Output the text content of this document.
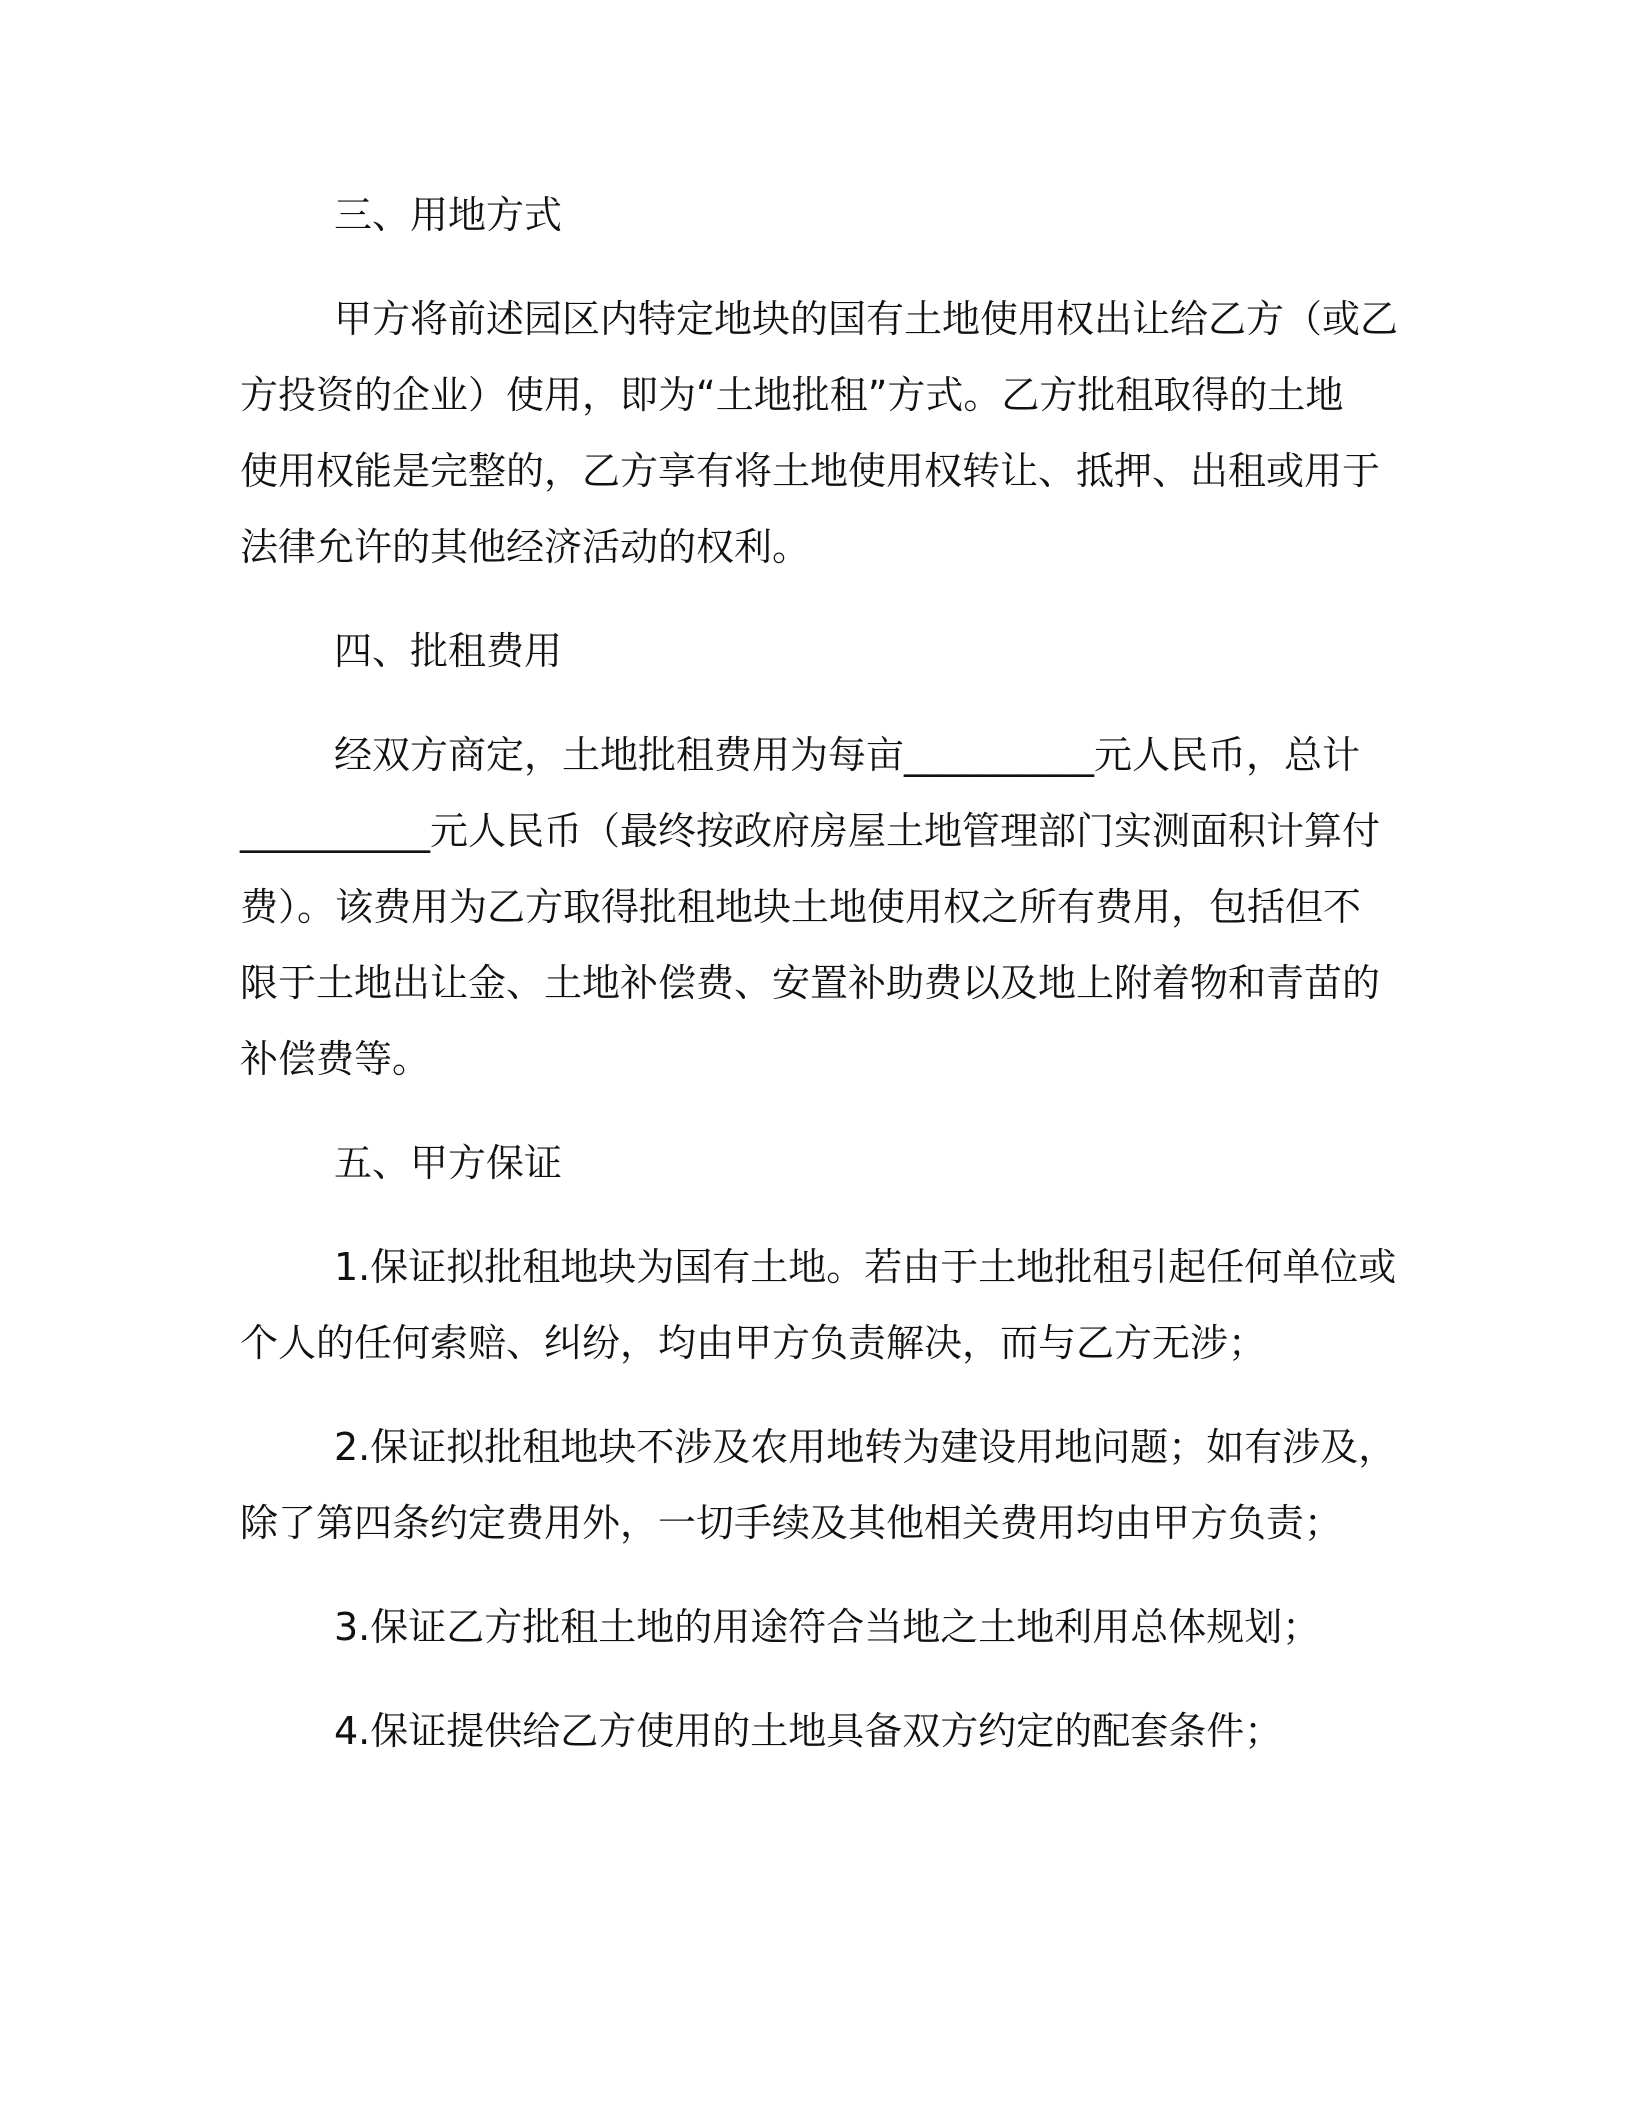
三、用地方式
甲方将前述园区内特定地块的国有土地使用权出让给乙方（或乙
方投资的企业）使用，即为“土地批租”方式。乙方批租取得的土地
使用权能是完整的，乙方享有将土地使用权转让、抵押、出租或用于
法律允许的其他经济活动的权利。
四、批租费用
经双方商定，土地批租费用为每亩__________元人民币，总计
__________元人民币（最终按政府房屋土地管理部门实测面积计算付
费）。该费用为乙方取得批租地块土地使用权之所有费用，包括但不
限于土地出让金、土地补偿费、安置补助费以及地上附着物和青苗的
补偿费等。
五、甲方保证
1.保证拟批租地块为国有土地。若由于土地批租引起任何单位或
个人的任何索赔、纠纷，均由甲方负责解决，而与乙方无涉；
2.保证拟批租地块不涉及农用地转为建设用地问题；如有涉及，
除了第四条约定费用外，一切手续及其他相关费用均由甲方负责；
3.保证乙方批租土地的用途符合当地之土地利用总体规划；
4.保证提供给乙方使用的土地具备双方约定的配套条件；
